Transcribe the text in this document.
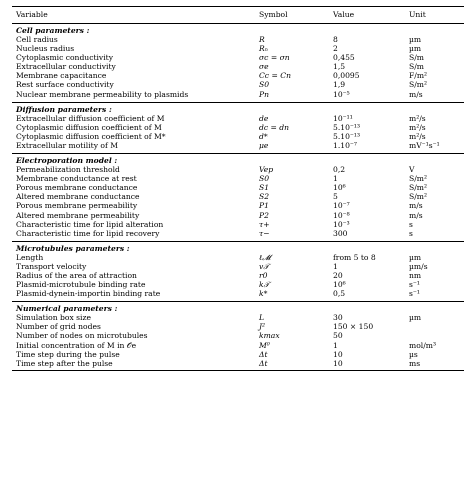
Variable	Symbol	Value	Unit
Cell parameters :
Cell radius	R	8	µm
Nucleus radius	Rₙ	2	µm
Cytoplasmic conductivity	σc = σn	0,455	S/m
Extracellular conductivity	σe	1,5	S/m
Membrane capacitance	Cc = Cn	0,0095	F/m²
Rest surface conductivity	S0	1,9	S/m²
Nuclear membrane permeability to plasmids	Pn	10⁻⁵	m/s
Diffusion parameters :
Extracellular diffusion coefficient of M	de	10⁻¹¹	m²/s
Cytoplasmic diffusion coefficient of M	dc = dn	5.10⁻¹³	m²/s
Cytoplasmic diffusion coefficient of M*	d*	5.10⁻¹³	m²/s
Extracellular motility of M	μe	1.10⁻⁷	mV⁻¹s⁻¹
Electroporation model :
Permeabilization threshold	Vep	0,2	V
Membrane conductance at rest	S0	1	S/m²
Porous membrane conductance	S1	10⁶	S/m²
Altered membrane conductance	S2	5	S/m²
Porous membrane permeability	P1	10⁻⁷	m/s
Altered membrane permeability	P2	10⁻⁸	m/s
Characteristic time for lipid alteration	τ+	10⁻³	s
Characteristic time for lipid recovery	τ−	300	s
Microtubules parameters :
Length	ℓ𝓜	from 5 to 8	µm
Transport velocity	v𝒯	1	µm/s
Radius of the area of attraction	r0	20	nm
Plasmid-microtubule binding rate	k𝒯	10⁶	s⁻¹
Plasmid-dynein-importin binding rate	k*	0,5	s⁻¹
Numerical parameters :
Simulation box size	L	30	µm
Number of grid nodes	J²	150 × 150
Number of nodes on microtubules	kmax	50
Initial concentration of M in 𝒪e	M⁰	1	mol/m³
Time step during the pulse	Δt	10	µs
Time step after the pulse	Δt	10	ms
